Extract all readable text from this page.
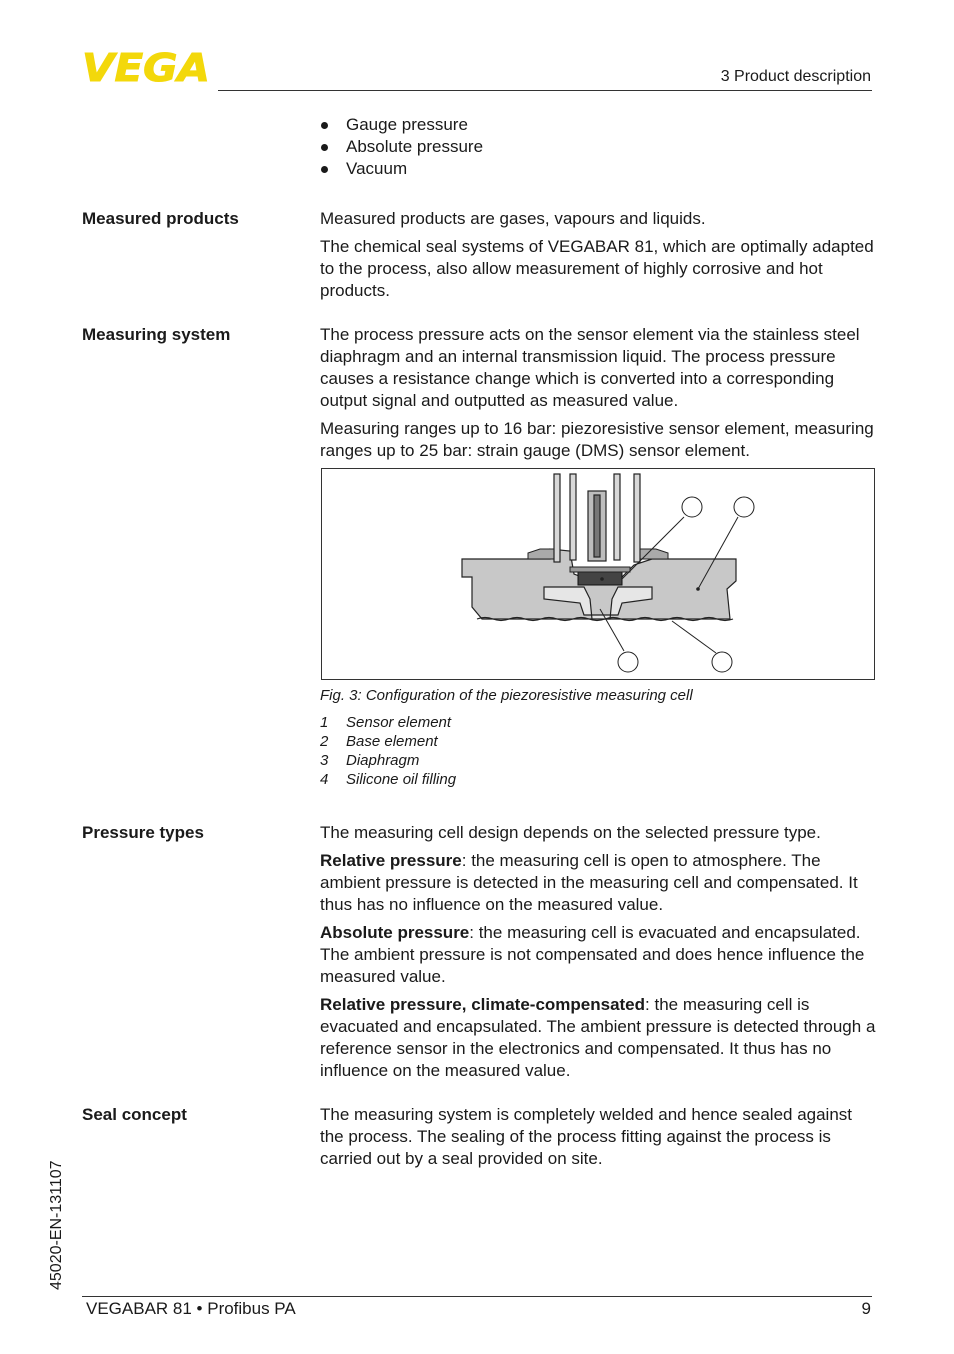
VEGA	3 Product description
Gauge pressure
Absolute pressure
Vacuum
Measured products	Measured products are gases, vapours and liquids.

The chemical seal systems of VEGABAR 81, which are optimally adapted to the process, also allow measurement of highly corrosive and hot products.

Measuring system	The process pressure acts on the sensor element via the stainless steel diaphragm and an internal transmission liquid. The process pressure causes a resistance change which is converted into a corresponding output signal and outputted as measured value.

Measuring ranges up to 16 bar: piezoresistive sensor element, measuring ranges up to 25 bar: strain gauge (DMS) sensor element.

Fig. 3: Configuration of the piezoresistive measuring cell
1	Sensor element
2	Base element
3	Diaphragm
4	Silicone oil filling
Pressure types	The measuring cell design depends on the selected pressure type.

Relative pressure: the measuring cell is open to atmosphere. The ambient pressure is detected in the measuring cell and compensated. It thus has no influence on the measured value.

Absolute pressure: the measuring cell is evacuated and encapsulated. The ambient pressure is not compensated and does hence influence the measured value.

Relative pressure, climate-compensated: the measuring cell is evacuated and encapsulated. The ambient pressure is detected through a reference sensor in the electronics and compensated. It thus has no influence on the measured value.

Seal concept	The measuring system is completely welded and hence sealed against the process. The sealing of the process fitting against the process is carried out by a seal provided on site.

45020-EN-131107
VEGABAR 81 • Profibus PA	9
